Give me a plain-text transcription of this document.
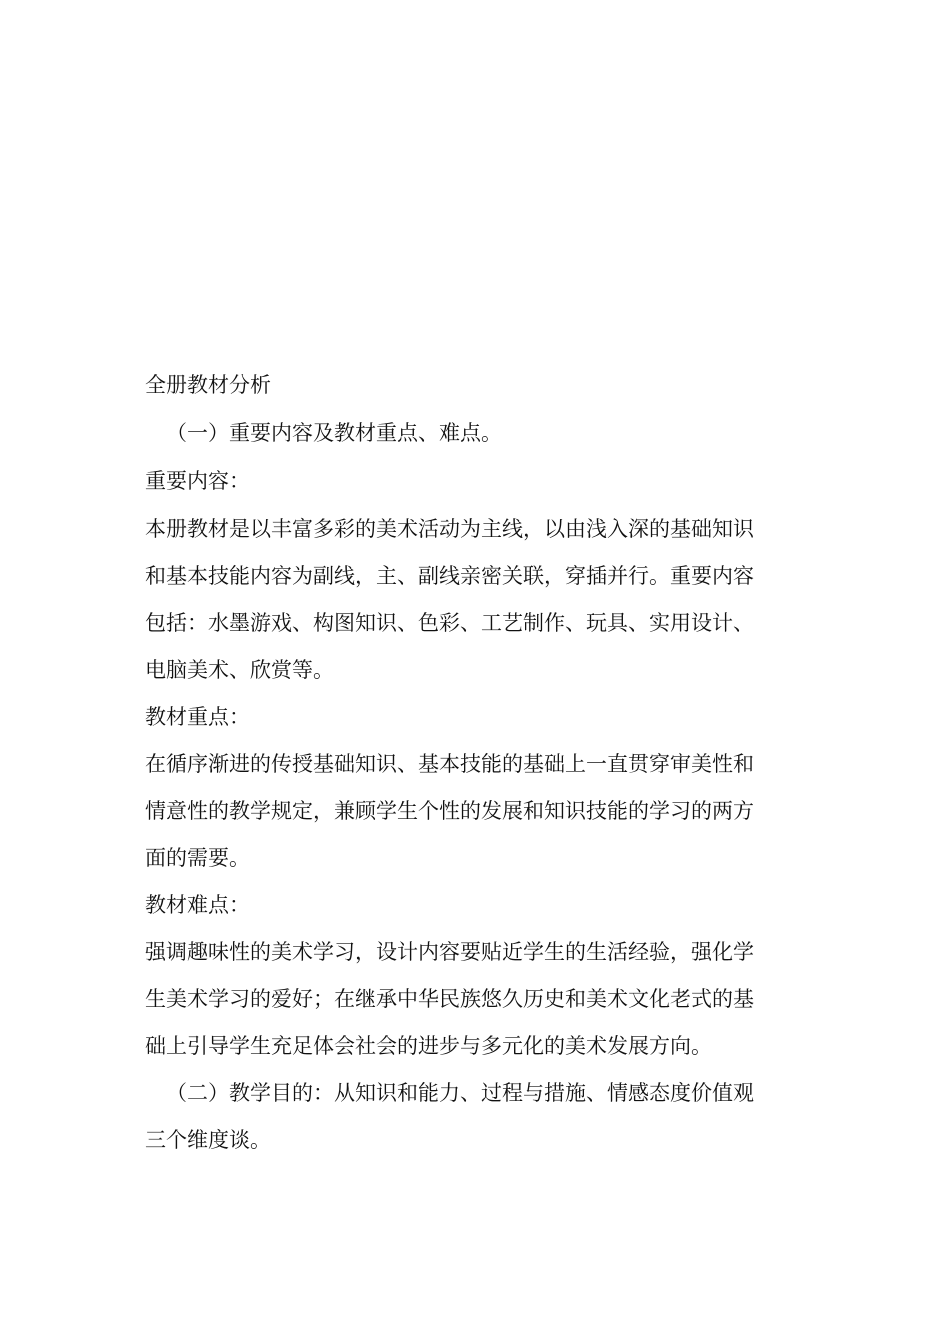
全册教材分析

（一）重要内容及教材重点、难点。

重要内容：

本册教材是以丰富多彩的美术活动为主线，以由浅入深的基础知识

和基本技能内容为副线，主、副线亲密关联，穿插并行。重要内容

包括：水墨游戏、构图知识、色彩、工艺制作、玩具、实用设计、

电脑美术、欣赏等。

教材重点：

在循序渐进的传授基础知识、基本技能的基础上一直贯穿审美性和

情意性的教学规定，兼顾学生个性的发展和知识技能的学习的两方

面的需要。

教材难点：

强调趣味性的美术学习，设计内容要贴近学生的生活经验，强化学

生美术学习的爱好；在继承中华民族悠久历史和美术文化老式的基

础上引导学生充足体会社会的进步与多元化的美术发展方向。

（二）教学目的：从知识和能力、过程与措施、情感态度价值观

三个维度谈。
